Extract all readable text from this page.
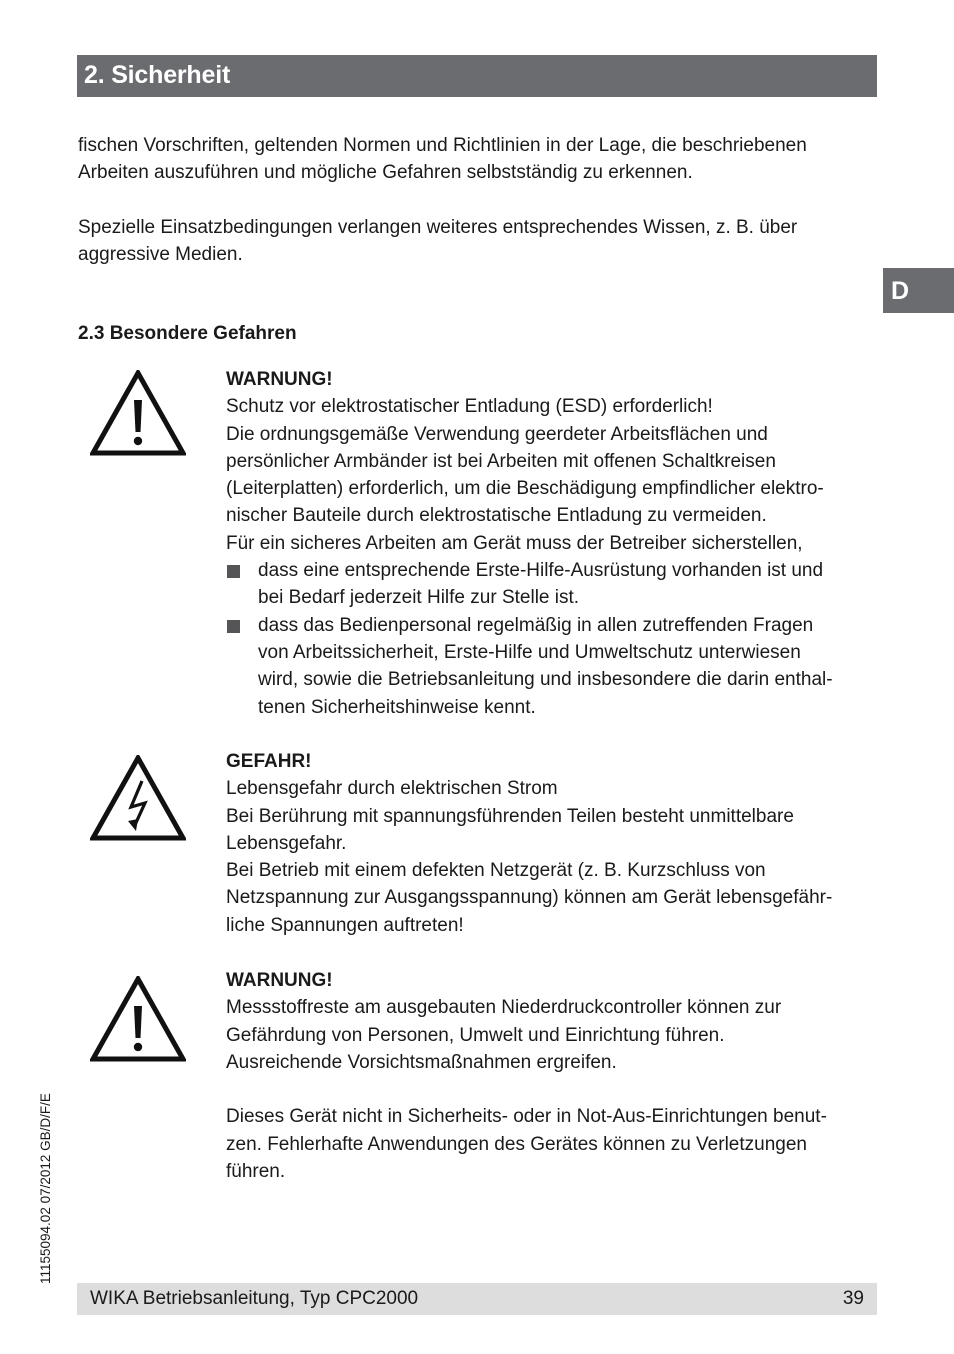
2. Sicherheit
D

fischen Vorschriften, geltenden Normen und Richtlinien in der Lage, die beschriebenen
Arbeiten auszuführen und mögliche Gefahren selbstständig zu erkennen.

Spezielle Einsatzbedingungen verlangen weiteres entsprechendes Wissen, z. B. über
aggressive Medien.

2.3 Besondere Gefahren
WARNUNG!
Schutz vor elektrostatischer Entladung (ESD) erforderlich!
Die ordnungsgemäße Verwendung geerdeter Arbeitsflächen und
persönlicher Armbänder ist bei Arbeiten mit offenen Schaltkreisen
(Leiterplatten) erforderlich, um die Beschädigung empfindlicher elektro-
nischer Bauteile durch elektrostatische Entladung zu vermeiden.
Für ein sicheres Arbeiten am Gerät muss der Betreiber sicherstellen,
dass eine entsprechende Erste-Hilfe-Ausrüstung vorhanden ist und
bei Bedarf jederzeit Hilfe zur Stelle ist.
dass das Bedienpersonal regelmäßig in allen zutreffenden Fragen
von Arbeitssicherheit, Erste-Hilfe und Umweltschutz unterwiesen
wird, sowie die Betriebsanleitung und insbesondere die darin enthal-
tenen Sicherheitshinweise kennt.
GEFAHR!
Lebensgefahr durch elektrischen Strom
Bei Berührung mit spannungsführenden Teilen besteht unmittelbare
Lebensgefahr.
Bei Betrieb mit einem defekten Netzgerät (z. B. Kurzschluss von
Netzspannung zur Ausgangsspannung) können am Gerät lebensgefähr-
liche Spannungen auftreten!
WARNUNG!
Messstoffreste am ausgebauten Niederdruckcontroller können zur
Gefährdung von Personen, Umwelt und Einrichtung führen.
Ausreichende Vorsichtsmaßnahmen ergreifen.
Dieses Gerät nicht in Sicherheits- oder in Not-Aus-Einrichtungen benut-
zen. Fehlerhafte Anwendungen des Gerätes können zu Verletzungen
führen.
11155094.02 07/2012 GB/D/F/E
WIKA Betriebsanleitung, Typ CPC2000	39
